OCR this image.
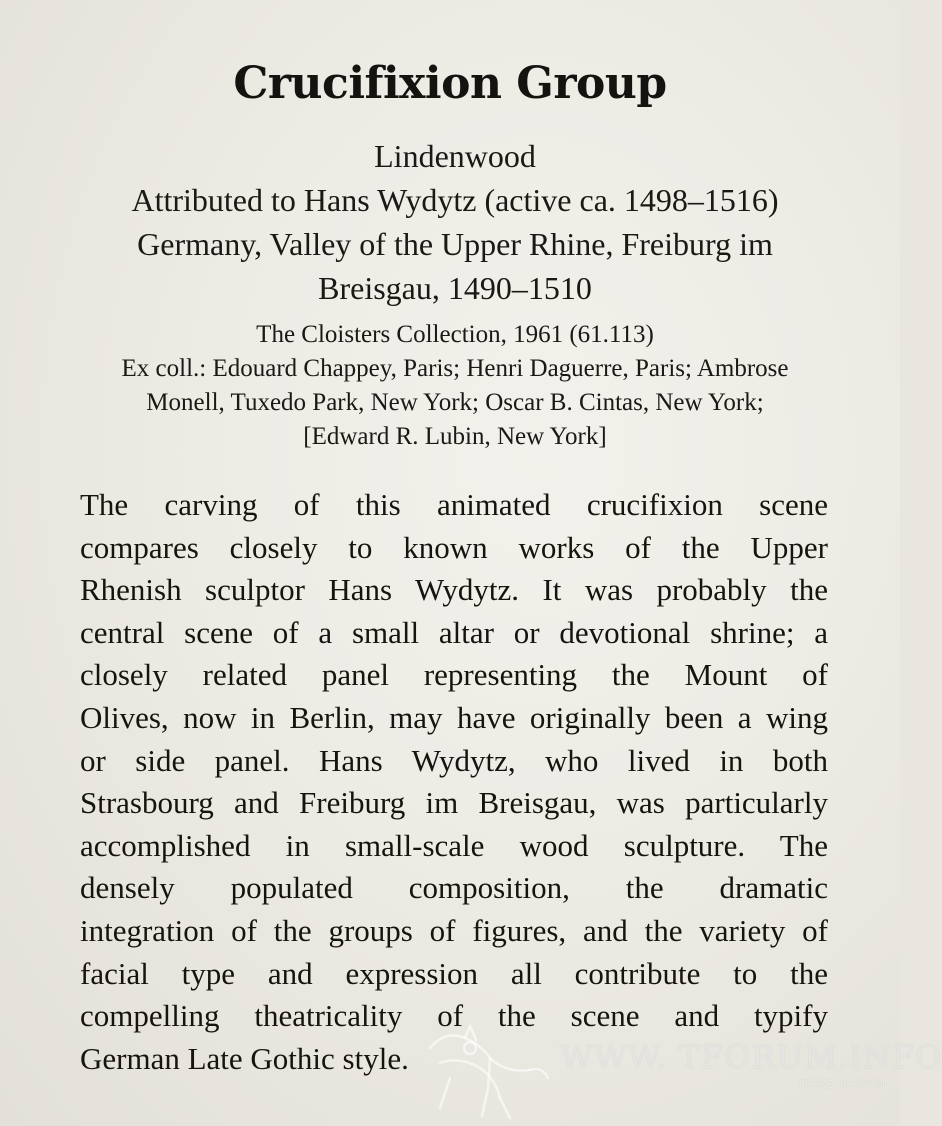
Crucifixion Group
Lindenwood
Attributed to Hans Wydytz (active ca. 1498–1516)
Germany, Valley of the Upper Rhine, Freiburg im
Breisgau, 1490–1510
The Cloisters Collection, 1961 (61.113)
Ex coll.: Edouard Chappey, Paris; Henri Daguerre, Paris; Ambrose
Monell, Tuxedo Park, New York; Oscar B. Cintas, New York;
[Edward R. Lubin, New York]
The carving of this animated crucifixion scene
compares closely to known works of the Upper
Rhenish sculptor Hans Wydytz. It was probably the
central scene of a small altar or devotional shrine; a
closely related panel representing the Mount of
Olives, now in Berlin, may have originally been a wing
or side panel. Hans Wydytz, who lived in both
Strasbourg and Freiburg im Breisgau, was particularly
accomplished in small-scale wood sculpture. The
densely populated composition, the dramatic
integration of the groups of figures, and the variety of
facial type and expression all contribute to the
compelling theatricality of the scene and typify
German Late Gothic style.	WWW. TFORUM.INFO
ТОЖЕ ФОРУМ
